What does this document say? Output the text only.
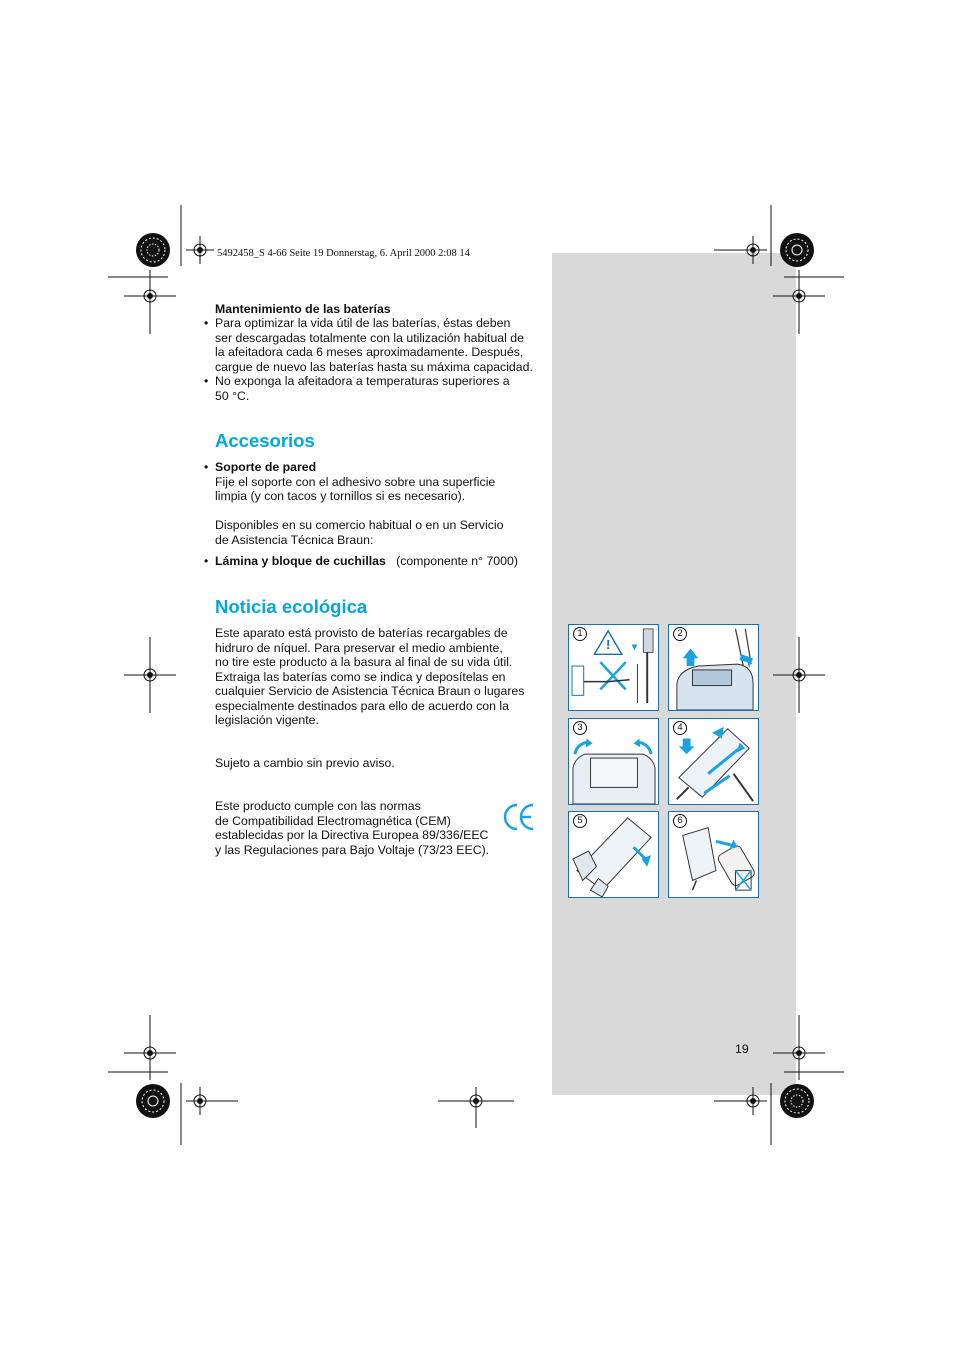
5492458_S 4-66 Seite 19 Donnerstag, 6. April 2000 2:08 14
Mantenimiento de las baterías
• Para optimizar la vida útil de las baterías, éstas deben
ser descargadas totalmente con la utilización habitual de
la afeitadora cada 6 meses aproximadamente. Después,
cargue de nuevo las baterías hasta su máxima capacidad.
• No exponga la afeitadora a temperaturas superiores a
50 °C.
Accesorios
• Soporte de pared
Fije el soporte con el adhesivo sobre una superficie
limpia (y con tacos y tornillos si es necesario).
Disponibles en su comercio habitual o en un Servicio
de Asistencia Técnica Braun:
• Lámina y bloque de cuchillas (componente n° 7000)
Noticia ecológica
Este aparato está provisto de baterías recargables de
hidruro de níquel. Para preservar el medio ambiente,
no tire este producto a la basura al final de su vida útil.
Extraiga las baterías como se indica y deposítelas en
cualquier Servicio de Asistencia Técnica Braun o lugares
especialmente destinados para ello de acuerdo con la
legislación vigente.
Sujeto a cambio sin previo aviso.
Este producto cumple con las normas
de Compatibilidad Electromagnética (CEM)
establecidas por la Directiva Europea 89/336/EEC
y las Regulaciones para Bajo Voltaje (73/23 EEC).
1
!
2
3	4
5	6
19
